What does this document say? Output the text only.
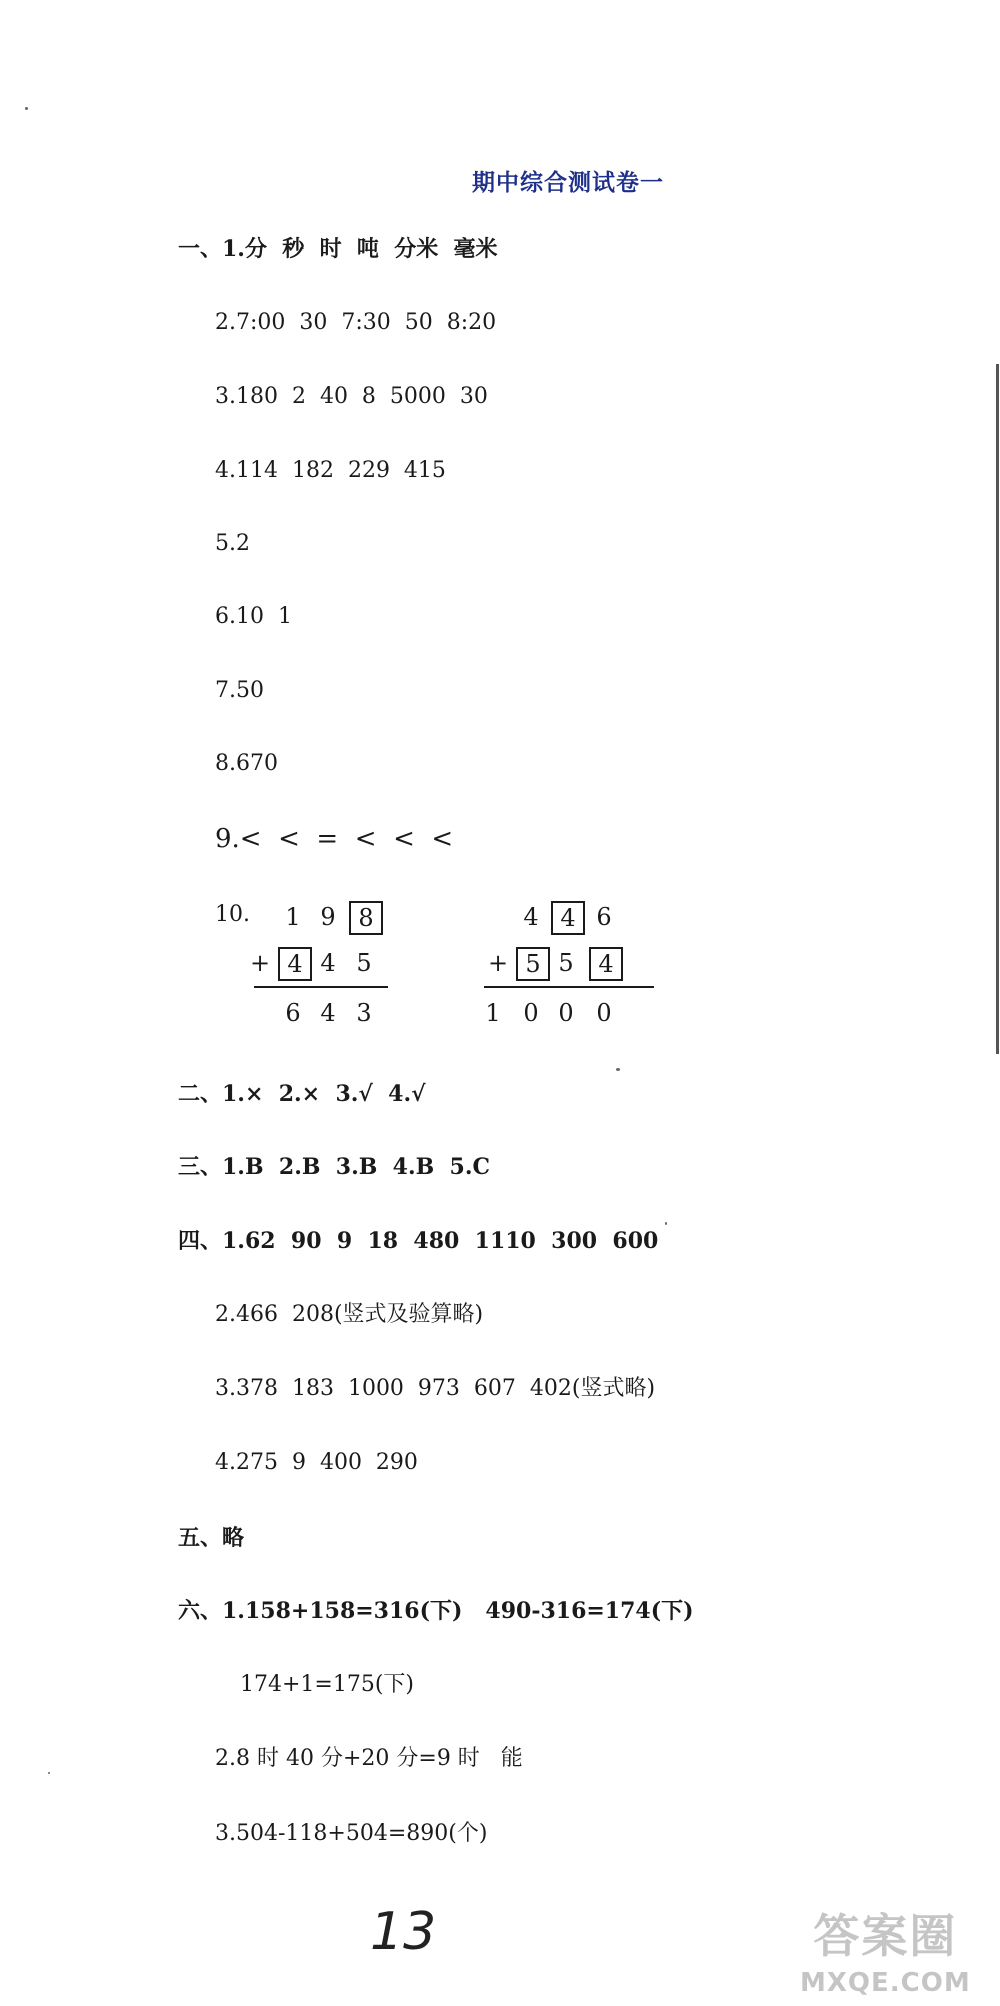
期中综合测试卷一
一、1.分  秒  时  吨  分米  毫米
2.7:00  30  7:30  50  8:20
3.180  2  40  8  5000  30
4.114  182  229  415
5.2
6.10  1
7.50
8.670
9.<  <  =  <  <  <
10.	1 9 8
+ 4 4 5
6 4 3
4 4 6
+ 5 5	4
1 0 0 0
二、1.×  2.×  3.√  4.√
三、1.B  2.B  3.B  4.B  5.C
四、1.62  90  9  18  480  1110  300  600
2.466  208(竖式及验算略)
3.378  183  1000  973  607  402(竖式略)
4.275  9  400  290
五、略
六、1.158+158=316(下)   490-316=174(下)
174+1=175(下)
2.8 时 40 分+20 分=9 时   能
3.504-118+504=890(个)
13	答案圈
MXQE.COM
